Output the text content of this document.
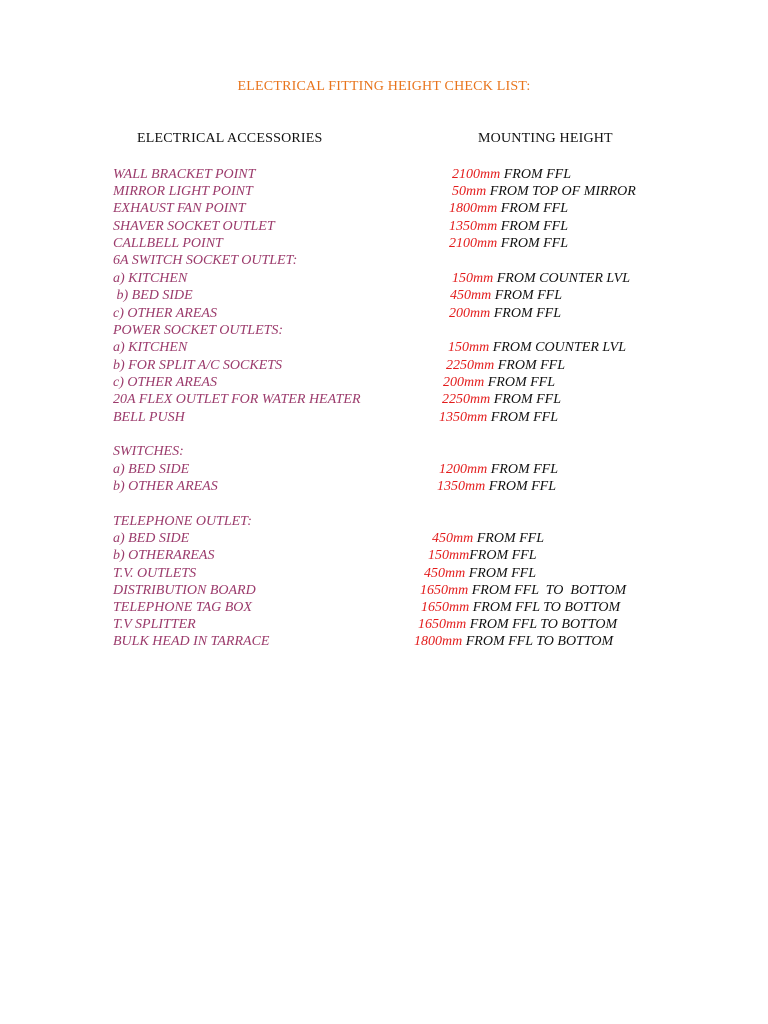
ELECTRICAL FITTING HEIGHT CHECK LIST:
ELECTRICAL ACCESSORIES	MOUNTING HEIGHT
WALL BRACKET POINT	2100mm FROM FFL
MIRROR LIGHT POINT	50mm FROM TOP OF MIRROR
EXHAUST FAN POINT	1800mm FROM FFL
SHAVER SOCKET OUTLET	1350mm FROM FFL
CALLBELL POINT	2100mm FROM FFL
6A SWITCH SOCKET OUTLET:
a) KITCHEN	150mm FROM COUNTER LVL
b) BED SIDE	450mm FROM FFL
c) OTHER AREAS	200mm FROM FFL
POWER SOCKET OUTLETS:
a) KITCHEN	150mm FROM COUNTER LVL
b) FOR SPLIT A/C SOCKETS	2250mm FROM FFL
c) OTHER AREAS	200mm FROM FFL
20A FLEX OUTLET FOR WATER HEATER	2250mm FROM FFL
BELL PUSH	1350mm FROM FFL
SWITCHES:
a) BED SIDE	1200mm FROM FFL
b) OTHER AREAS	1350mm FROM FFL
TELEPHONE OUTLET:
a) BED SIDE	450mm FROM FFL
b) OTHERAREAS	150mmFROM FFL
T.V. OUTLETS	450mm FROM FFL
DISTRIBUTION BOARD	1650mm FROM FFL  TO  BOTTOM
TELEPHONE TAG BOX	1650mm FROM FFL TO BOTTOM
T.V SPLITTER	1650mm FROM FFL TO BOTTOM
BULK HEAD IN TARRACE	1800mm FROM FFL TO BOTTOM
